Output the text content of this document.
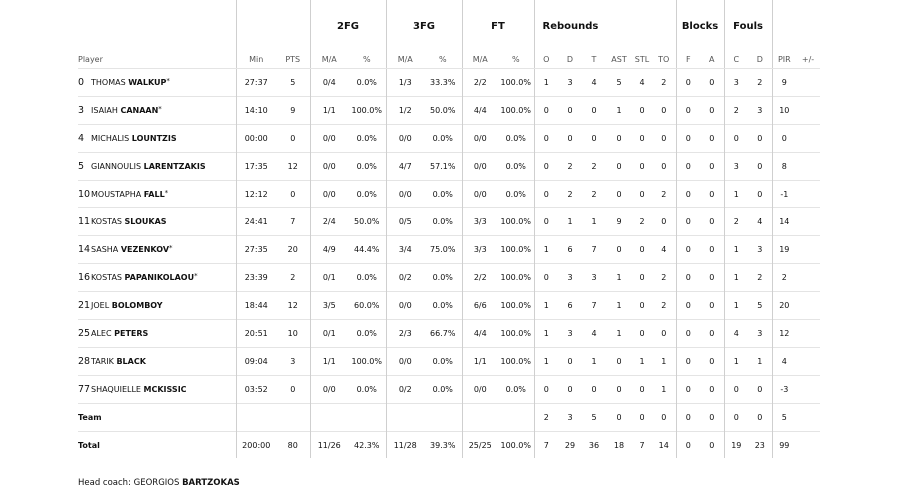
			2FG		3FG		FT		Rebounds						Blocks		Fouls			
Player	Min	PTS	M/A	%	M/A	%	M/A	%	O	D	T	AST	STL	TO	F	A	C	D	PIR	+/-
0 THOMAS WALKUP*	27:37	5	0/4	0.0%	1/3	33.3%	2/2	100.0%	1	3	4	5	4	2	0	0	3	2	9	
3 ISAIAH CANAAN*	14:10	9	1/1	100.0%	1/2	50.0%	4/4	100.0%	0	0	0	1	0	0	0	0	2	3	10	
4 MICHALIS LOUNTZIS	00:00	0	0/0	0.0%	0/0	0.0%	0/0	0.0%	0	0	0	0	0	0	0	0	0	0	0	
5 GIANNOULIS LARENTZAKIS	17:35	12	0/0	0.0%	4/7	57.1%	0/0	0.0%	0	2	2	0	0	0	0	0	3	0	8	
10MOUSTAPHA FALL*	12:12	0	0/0	0.0%	0/0	0.0%	0/0	0.0%	0	2	2	0	0	2	0	0	1	0	-1	
11KOSTAS SLOUKAS	24:41	7	2/4	50.0%	0/5	0.0%	3/3	100.0%	0	1	1	9	2	0	0	0	2	4	14	
14SASHA VEZENKOV*	27:35	20	4/9	44.4%	3/4	75.0%	3/3	100.0%	1	6	7	0	0	4	0	0	1	3	19	
16KOSTAS PAPANIKOLAOU*	23:39	2	0/1	0.0%	0/2	0.0%	2/2	100.0%	0	3	3	1	0	2	0	0	1	2	2	
21JOEL BOLOMBOY	18:44	12	3/5	60.0%	0/0	0.0%	6/6	100.0%	1	6	7	1	0	2	0	0	1	5	20	
25ALEC PETERS	20:51	10	0/1	0.0%	2/3	66.7%	4/4	100.0%	1	3	4	1	0	0	0	0	4	3	12	
28TARIK BLACK	09:04	3	1/1	100.0%	0/0	0.0%	1/1	100.0%	1	0	1	0	1	1	0	0	1	1	4	
77SHAQUIELLE MCKISSIC	03:52	0	0/0	0.0%	0/2	0.0%	0/0	0.0%	0	0	0	0	0	1	0	0	0	0	-3	
Team									2	3	5	0	0	0	0	0	0	0	5	
Total	200:00	80	11/26	42.3%	11/28	39.3%	25/25	100.0%	7	29	36	18	7	14	0	0	19	23	99	
Head coach: GEORGIOS BARTZOKAS
